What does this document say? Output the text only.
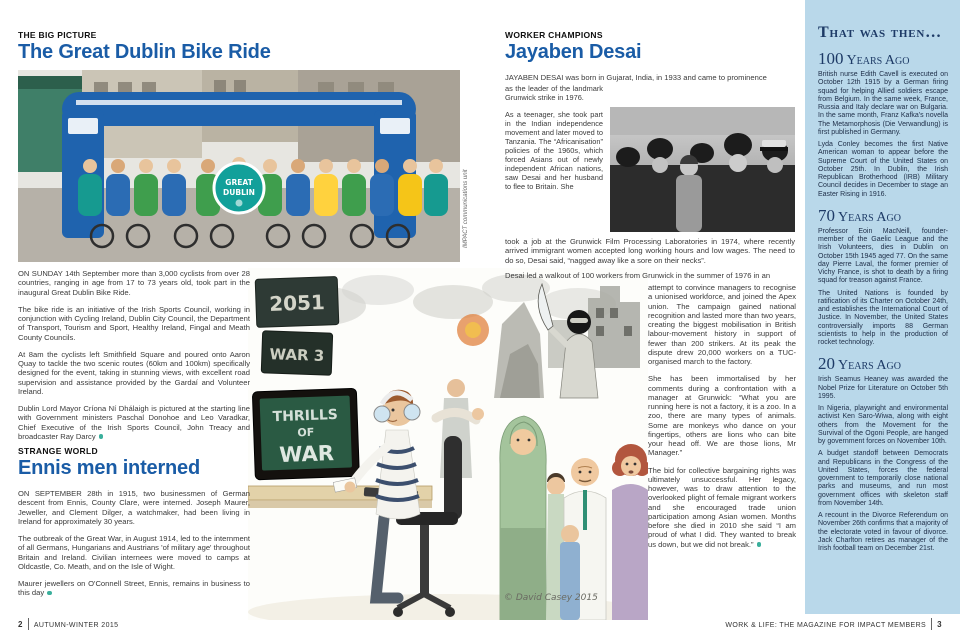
THE BIG PICTURE
The Great Dublin Bike Ride
GREAT
DUBLIN	IMPACT communications unit

ON SUNDAY 14th September more than 3,000 cyclists from over 28 countries, ranging in age from 17 to 73 years old, took part in the inaugural Great Dublin Bike Ride.

The bike ride is an initiative of the Irish Sports Council, working in conjunction with Cycling Ireland, Dublin City Council, the Department of Transport, Tourism and Sport, Healthy Ireland, Fingal and Meath County Councils.

At 8am the cyclists left Smithfield Square and poured onto Aaron Quay to tackle the two scenic routes (60km and 100km) specifically designed for the event, taking in stunning views, with excellent road supervision and assistance provided by the Gardaí and Volunteer Ireland.

Dublin Lord Mayor Críona Ní Dhálaigh is pictured at the starting line with Government ministers Paschal Donohoe and Leo Varadkar, Chief Executive of the Irish Sports Council, John Treacy and broadcaster Ray Darcy

STRANGE WORLD
Ennis men interned

ON SEPTEMBER 28th in 1915, two businessmen of German descent from Ennis, County Clare, were interned. Joseph Maurer, Jeweller, and Clement Dilger, a watchmaker, had been living in Ireland for approximately 30 years.

The outbreak of the Great War, in August 1914, led to the internment of all Germans, Hungarians and Austrians 'of military age' throughout Britain and Ireland. Civilian internees were moved to camps at Oldcastle, Co. Meath, and on the Isle of Wight.

Maurer jewellers on O'Connell Street, Ennis, remains in business to this day

WORKER CHAMPIONS
Jayaben Desai

JAYABEN DESAI was born in Gujarat, India, in 1933 and came to prominence

as the leader of the landmark Grunwick strike in 1976.

As a teenager, she took part in the Indian independence movement and later moved to Tanzania. The “Africanisation” policies of the 1960s, which forced Asians out of newly independent African nations, saw Desai and her husband to flee to Britain. She

took a job at the Grunwick Film Processing Laboratories in 1974, where recently arrived immigrant women accepted long working hours and low wages. The need to do so, Desai said, “nagged away like a sore on their necks”.

Desai led a walkout of 100 workers from Grunwick in the summer of 1976 in an

attempt to convince managers to recognise a unionised workforce, and joined the Apex union. The campaign gained national recognition and lasted more than two years, creating the biggest mobilisation in British labour-movement history in support of fewer than 200 strikers. At its peak the dispute drew 20,000 workers on a TUC-organised march to the factory.

She has been immortalised by her comments during a confrontation with a manager at Grunwick: “What you are running here is not a factory, it is a zoo. In a zoo, there are many types of animals. Some are monkeys who dance on your fingertips, others are lions who can bite your head off. We are those lions, Mr Manager.”

The bid for collective bargaining rights was ultimately unsuccessful. Her legacy, however, was to draw attention to the overlooked plight of female migrant workers and she encouraged trade union participation among Asian women. Months before she died in 2010 she said “I am proud of what I did. They wanted to break us down, but we did not break.”

2051
WAR 3
THRILLS
OF
WAR
© David Casey 2015
That was then…
100 Years Ago

British nurse Edith Cavell is executed on October 12th 1915 by a German firing squad for helping Allied soldiers escape from Belgium. In the same week, France, Russia and Italy declare war on Bulgaria. In the same month, Franz Kafka's novella The Metamorphosis (Die Verwandlung) is first published in Germany.

Lyda Conley becomes the first Native American woman to appear before the Supreme Court of the United States on October 25th. In Dublin, the Irish Republican Brotherhood (IRB) Military Council decides in December to stage an Easter Rising in 1916.

70 Years Ago

Professor Eoin MacNeill, founder-member of the Gaelic League and the Irish Volunteers, dies in Dublin on October 15th 1945 aged 77. On the same day Pierre Laval, the former premier of Vichy France, is shot to death by a firing squad for treason against France.

The United Nations is founded by ratification of its Charter on October 24th, and establishes the International Court of Justice. In November, the United States controversially imports 88 German scientists to help in the production of rocket technology.

20 Years Ago

Irish Seamus Heaney was awarded the Nobel Prize for Literature on October 5th 1995.

In Nigeria, playwright and environmental activist Ken Saro-Wiwa, along with eight others from the Movement for the Survival of the Ogoni People, are hanged by government forces on November 10th.

A budget standoff between Democrats and Republicans in the Congress of the United States, forces the federal government to temporarily close national parks and museums, and run most government offices with skeleton staff from November 14th.

A recount in the Divorce Referendum on November 26th confirms that a majority of the electorate voted in favour of divorce. Jack Charlton retires as manager of the Irish football team on December 21st.

2 AUTUMN-WINTER 2015	WORK & LIFE: THE MAGAZINE FOR IMPACT MEMBERS 3
